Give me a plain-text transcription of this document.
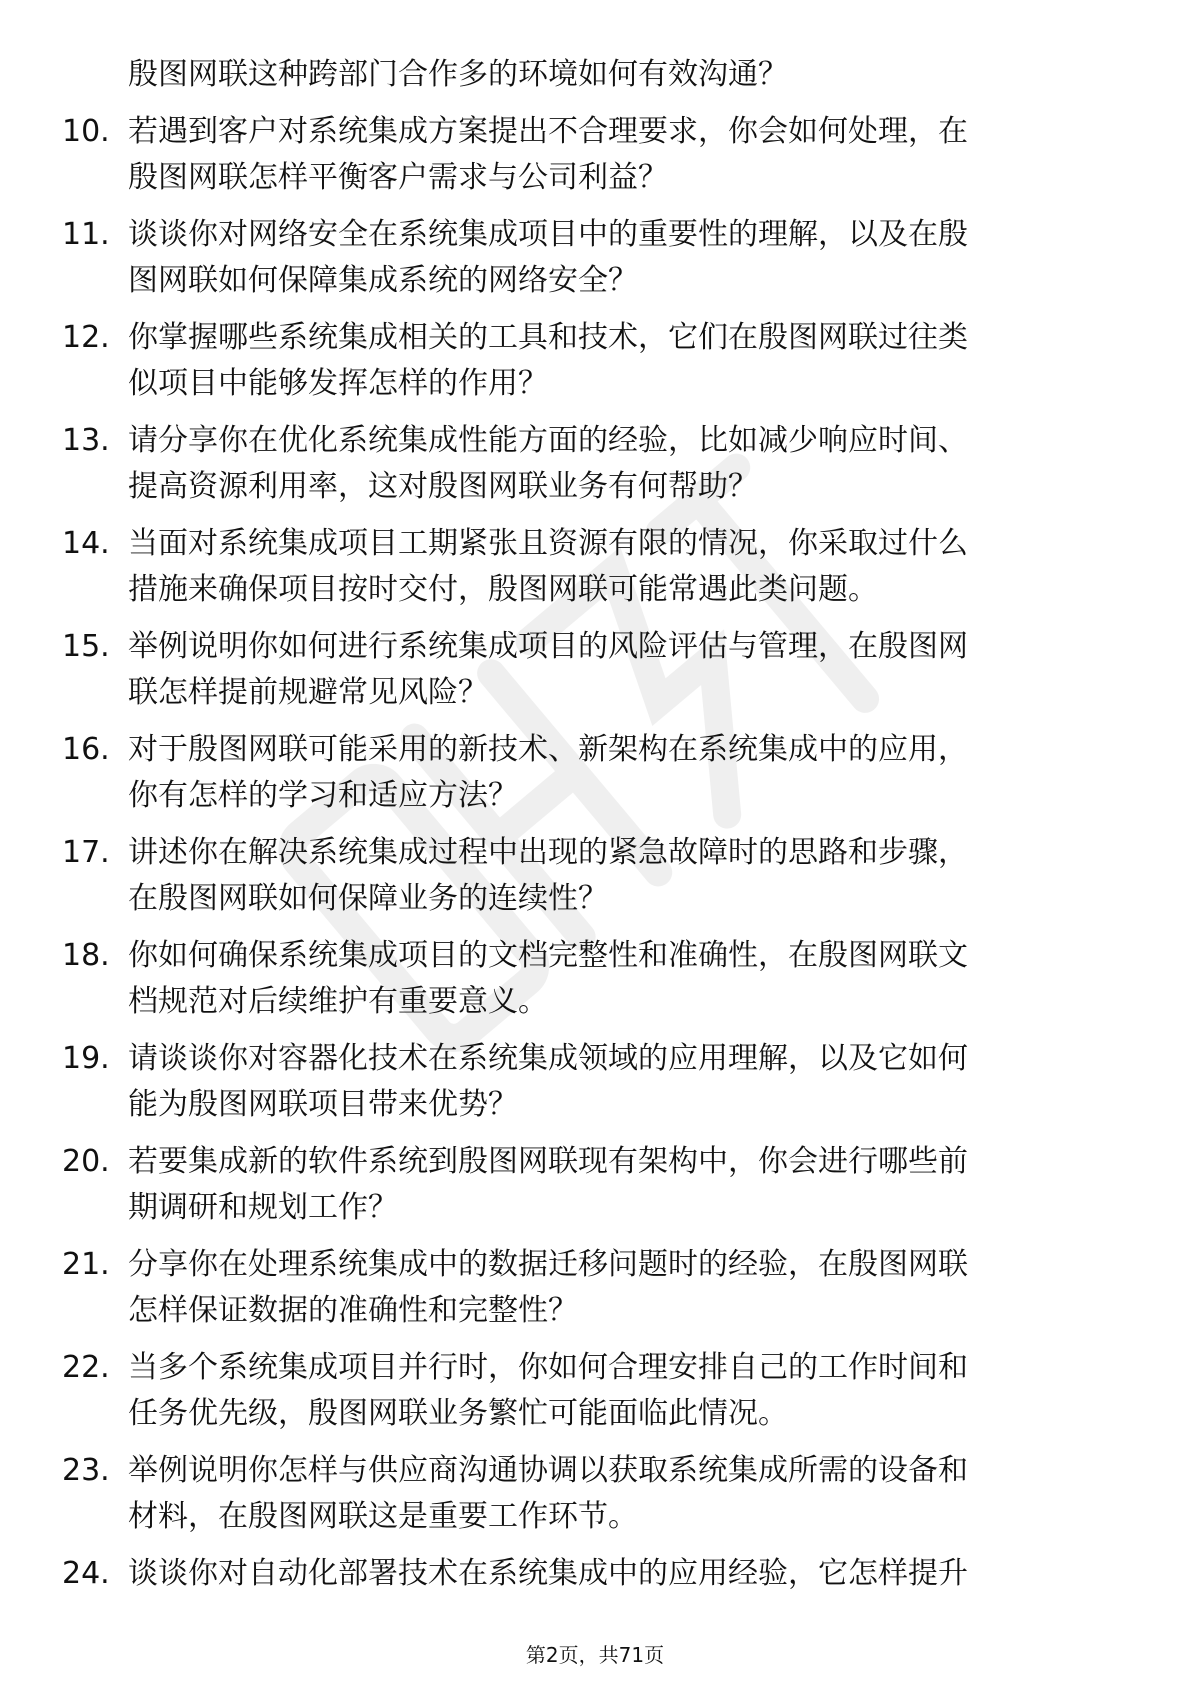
殷图网联这种跨部门合作多的环境如何有效沟通？
10. 若遇到客户对系统集成方案提出不合理要求，你会如何处理，在
殷图网联怎样平衡客户需求与公司利益？
11. 谈谈你对网络安全在系统集成项目中的重要性的理解，以及在殷
图网联如何保障集成系统的网络安全？
12. 你掌握哪些系统集成相关的工具和技术，它们在殷图网联过往类
似项目中能够发挥怎样的作用？
13. 请分享你在优化系统集成性能方面的经验，比如减少响应时间、
提高资源利用率，这对殷图网联业务有何帮助？
14. 当面对系统集成项目工期紧张且资源有限的情况，你采取过什么
措施来确保项目按时交付，殷图网联可能常遇此类问题。
15. 举例说明你如何进行系统集成项目的风险评估与管理，在殷图网
联怎样提前规避常见风险？
16. 对于殷图网联可能采用的新技术、新架构在系统集成中的应用，
你有怎样的学习和适应方法？
17. 讲述你在解决系统集成过程中出现的紧急故障时的思路和步骤，
在殷图网联如何保障业务的连续性？
18. 你如何确保系统集成项目的文档完整性和准确性，在殷图网联文
档规范对后续维护有重要意义。
19. 请谈谈你对容器化技术在系统集成领域的应用理解，以及它如何
能为殷图网联项目带来优势？
20. 若要集成新的软件系统到殷图网联现有架构中，你会进行哪些前
期调研和规划工作？
21. 分享你在处理系统集成中的数据迁移问题时的经验，在殷图网联
怎样保证数据的准确性和完整性？
22. 当多个系统集成项目并行时，你如何合理安排自己的工作时间和
任务优先级，殷图网联业务繁忙可能面临此情况。
23. 举例说明你怎样与供应商沟通协调以获取系统集成所需的设备和
材料，在殷图网联这是重要工作环节。
24. 谈谈你对自动化部署技术在系统集成中的应用经验，它怎样提升
第2页，共71页
